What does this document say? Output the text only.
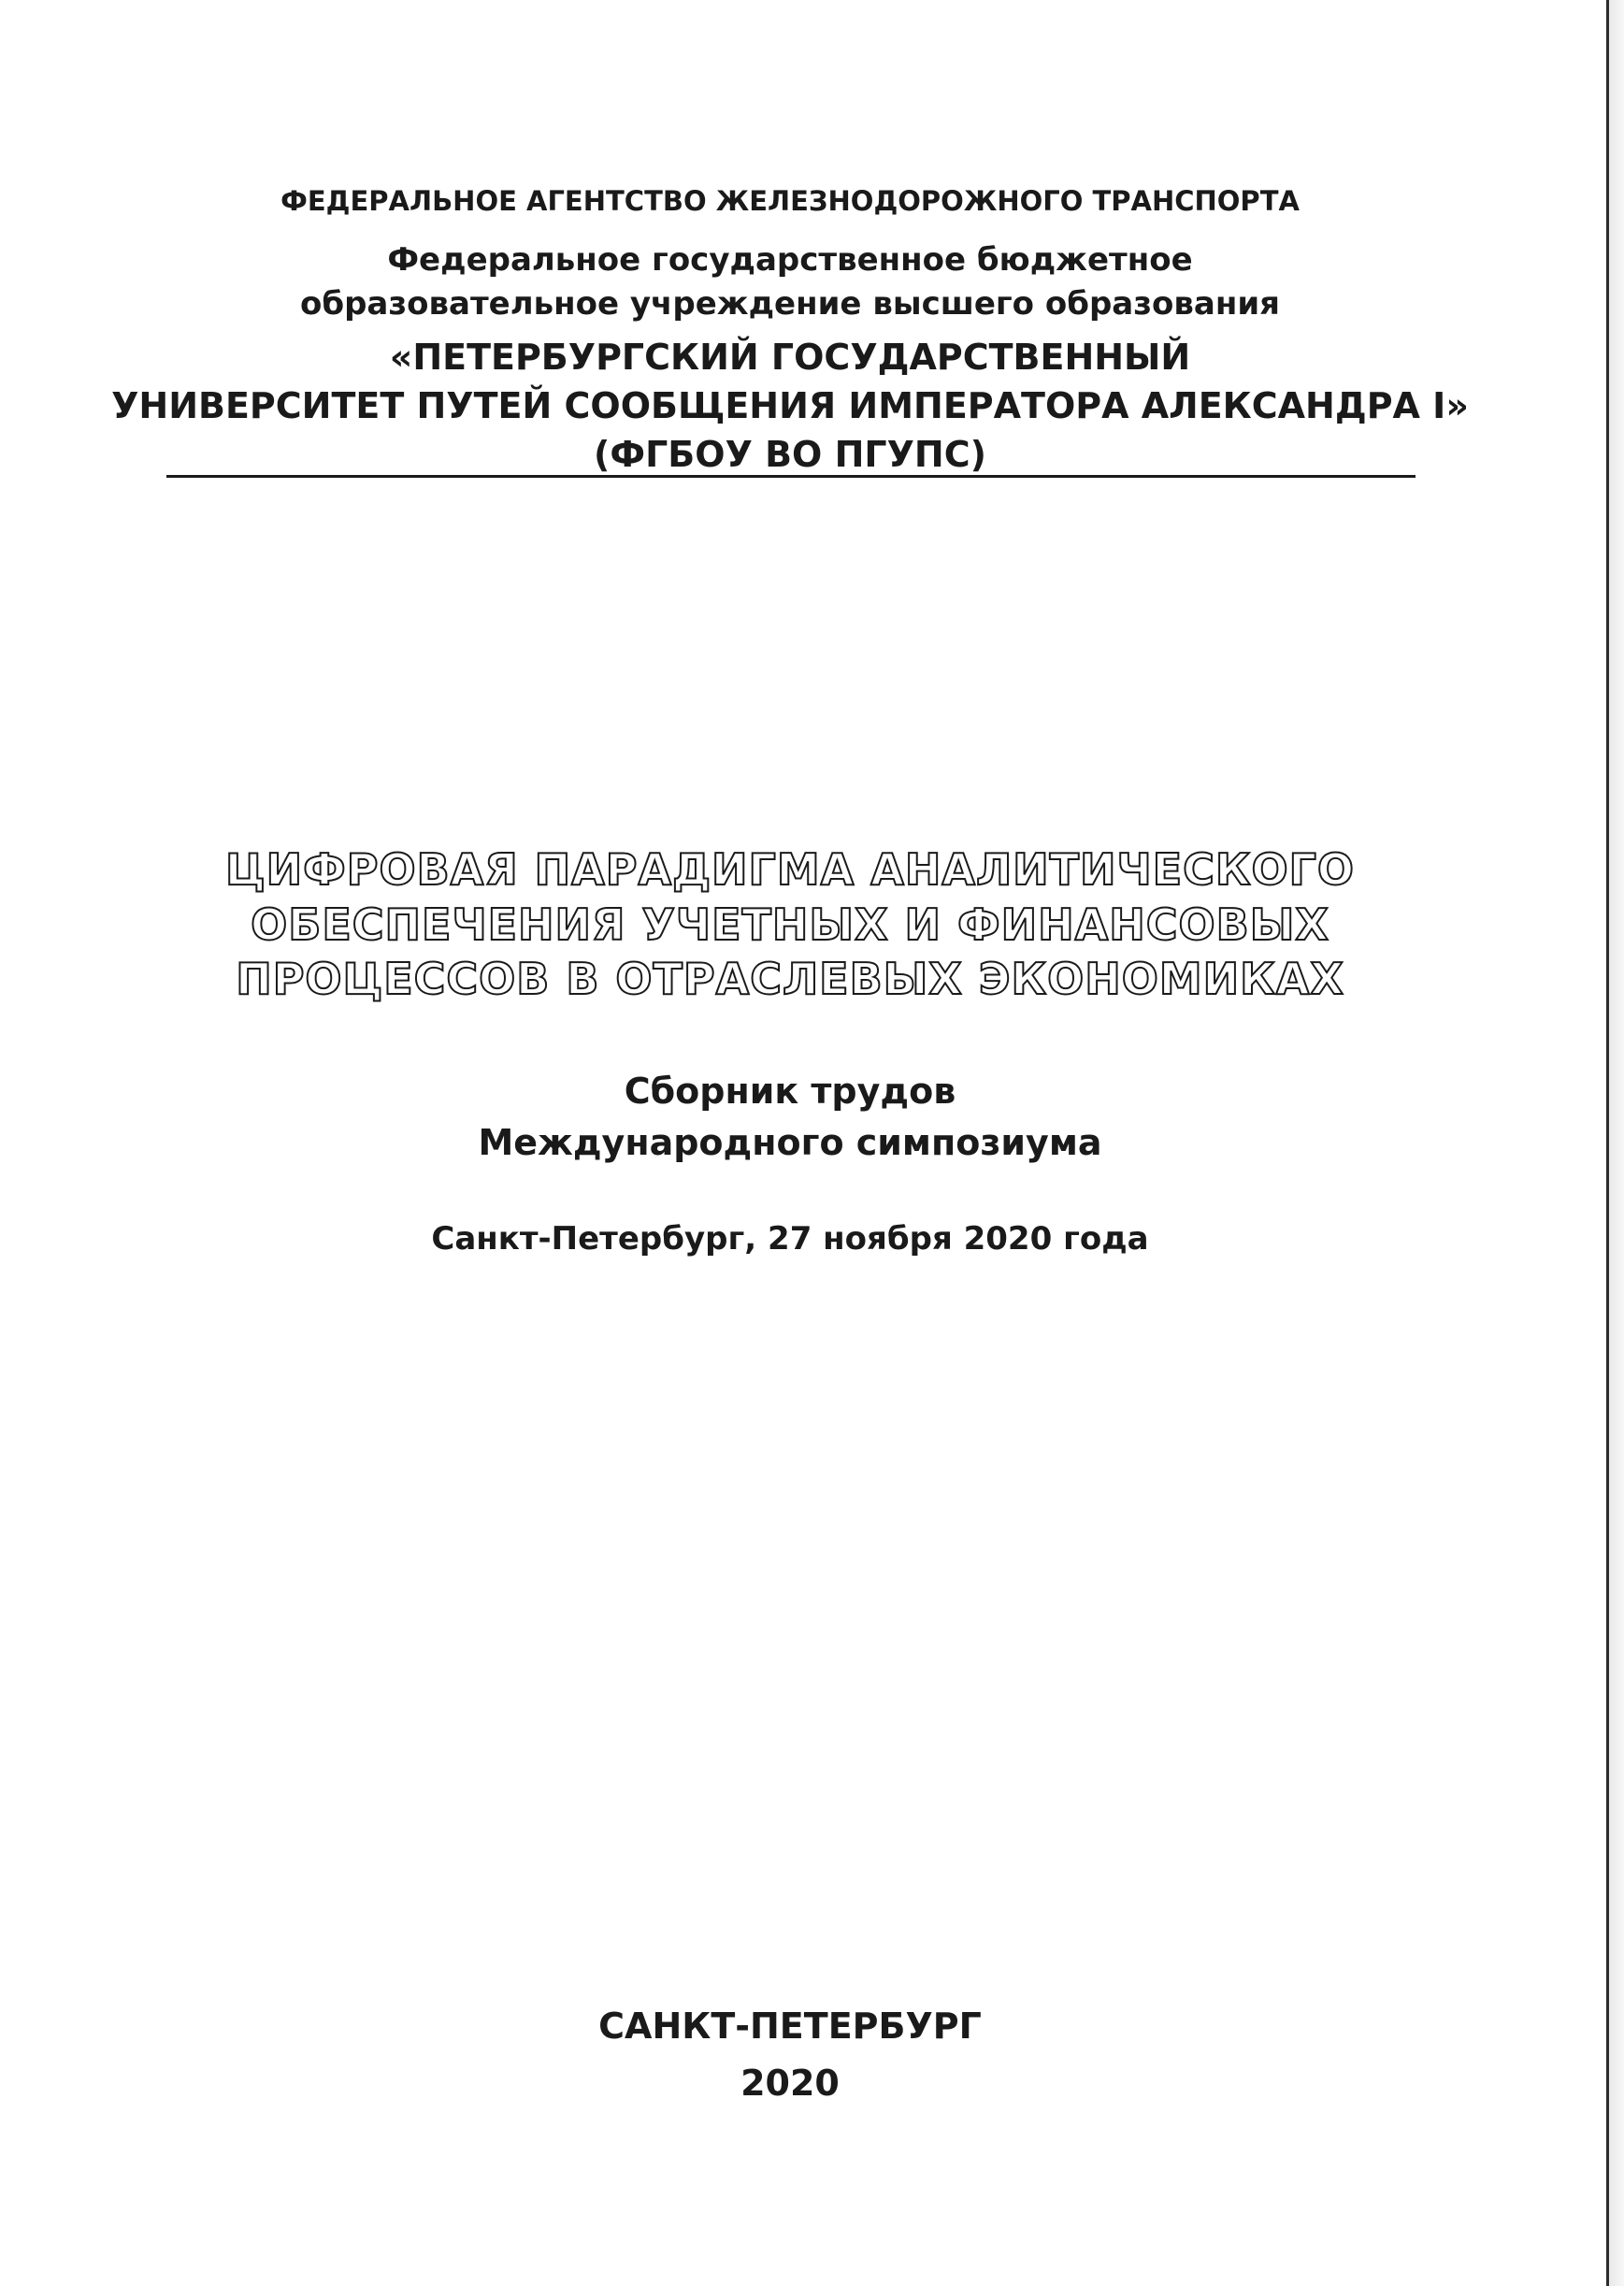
ФЕДЕРАЛЬНОЕ АГЕНТСТВО ЖЕЛЕЗНОДОРОЖНОГО ТРАНСПОРТА
Федеральное государственное бюджетное
образовательное учреждение высшего образования
«ПЕТЕРБУРГСКИЙ ГОСУДАРСТВЕННЫЙ
УНИВЕРСИТЕТ ПУТЕЙ СООБЩЕНИЯ ИМПЕРАТОРА АЛЕКСАНДРА I»
(ФГБОУ ВО ПГУПС)
ЦИФРОВАЯ ПАРАДИГМА АНАЛИТИЧЕСКОГО
ОБЕСПЕЧЕНИЯ УЧЕТНЫХ И ФИНАНСОВЫХ
ПРОЦЕССОВ В ОТРАСЛЕВЫХ ЭКОНОМИКАХ
Сборник трудов
Международного симпозиума
Санкт-Петербург, 27 ноября 2020 года
САНКТ-ПЕТЕРБУРГ
2020
